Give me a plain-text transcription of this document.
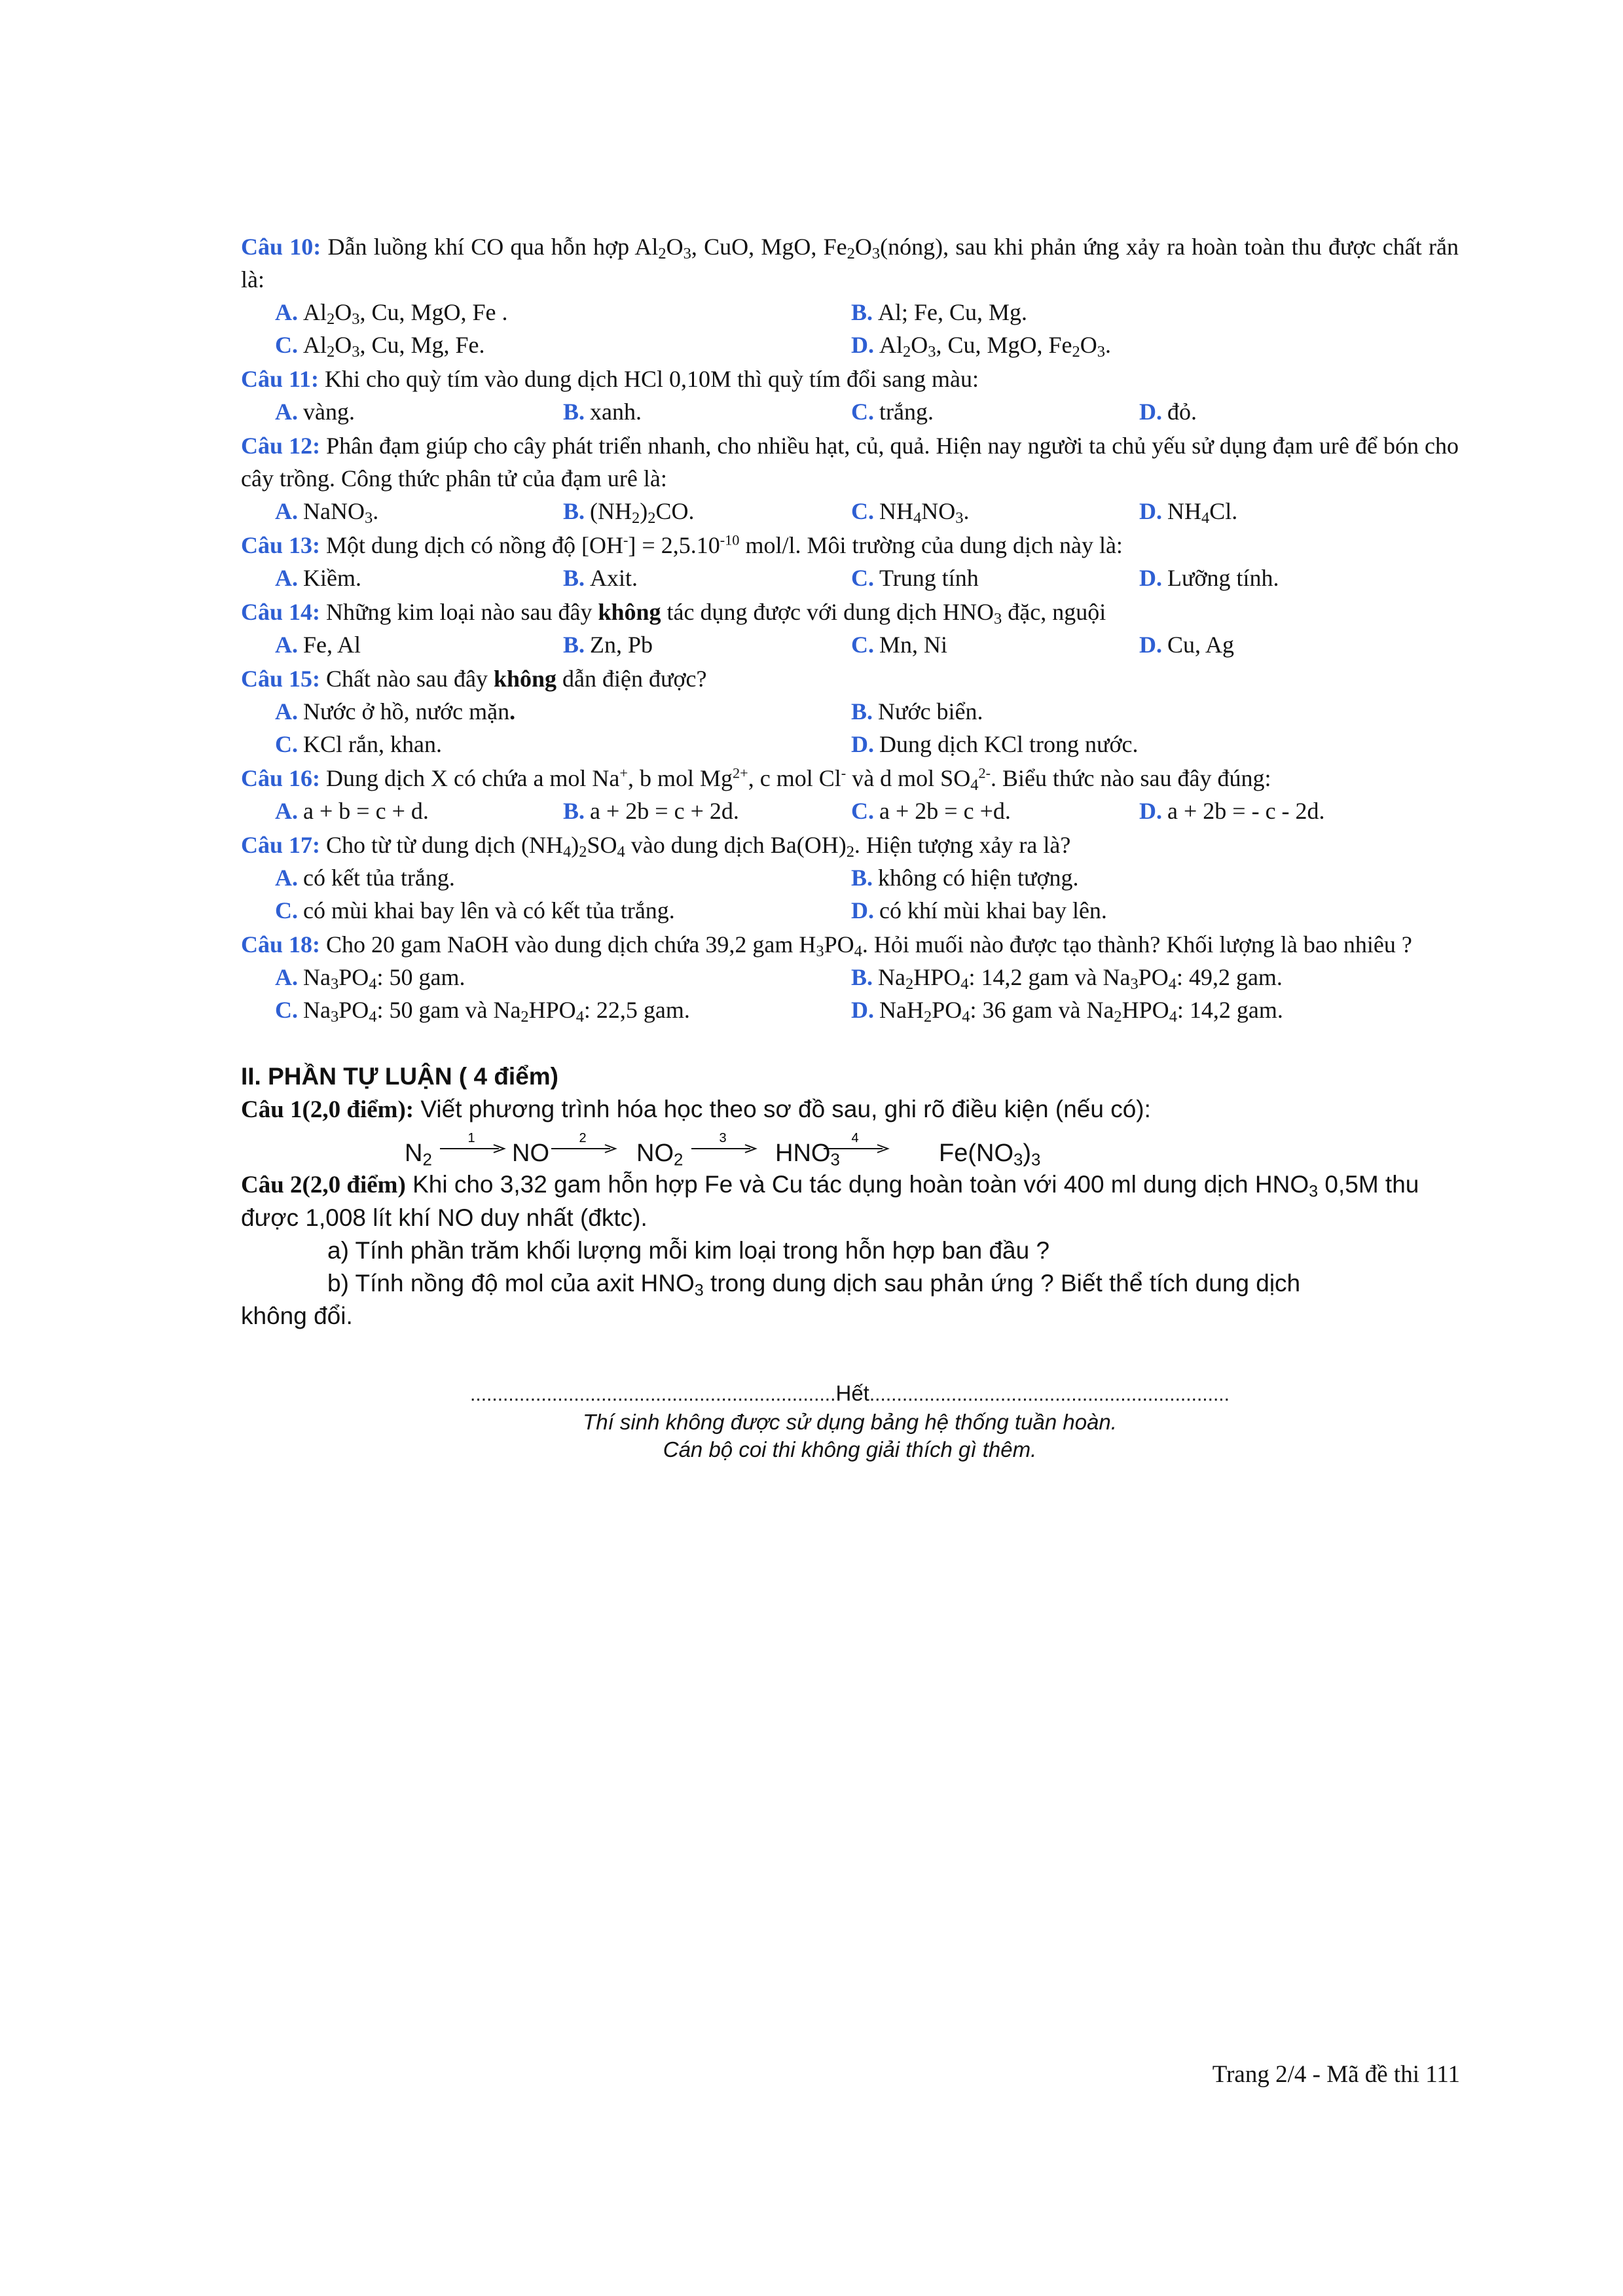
Câu 10: Dẫn luồng khí CO qua hỗn hợp $Al_2O_3$, CuO, MgO, $Fe_2O_3(nóng)$, sau khi phản ứng xảy ra hoàn toàn thu được chất rắn là:
A. $Al_2O_3$, Cu, MgO, Fe .	B. Al; Fe, Cu, Mg.
C. $Al_2O_3$, Cu, Mg, Fe.	D. $Al_2O_3$, Cu, MgO, $Fe_2O_3$.
Câu 11: Khi cho quỳ tím vào dung dịch HCl 0,10M thì quỳ tím đổi sang màu:
A. vàng.	B. xanh.	C. trắng.	D. đỏ.
Câu 12: Phân đạm giúp cho cây phát triển nhanh, cho nhiều hạt, củ, quả. Hiện nay người ta chủ yếu sử dụng đạm urê để bón cho cây trồng. Công thức phân tử của đạm urê là:
A. NaNO$_3$.	B. $(NH_2)_2CO$.	C. $NH_4NO_3$.	D. $NH_4Cl$.
Câu 13: Một dung dịch có nồng độ $[OH^-] = 2,5.10^{-10}$ mol/l. Môi trường của dung dịch này là:
A. Kiềm.	B. Axit.	C. Trung tính	D. Lưỡng tính.
Câu 14: Những kim loại nào sau đây không tác dụng được với dung dịch $HNO_3$ đặc, nguội
A. Fe, Al	B. Zn, Pb	C. Mn, Ni	D. Cu, Ag
Câu 15: Chất nào sau đây không dẫn điện được?
A. Nước ở hồ, nước mặn.	B. Nước biển.
C. KCl rắn, khan.	D. Dung dịch KCl trong nước.
Câu 16: Dung dịch X có chứa a mol Na+, b mol $Mg^{2+}$, c mol Cl- và d mol $SO_4^{2-}$. Biểu thức nào sau đây đúng:
A. a + b = c + d.	B. a + 2b = c + 2d.	C. a + 2b = c +d.	D. a + 2b = - c - 2d.
Câu 17: Cho từ từ dung dịch $(NH_4)_2SO_4$ vào dung dịch $Ba(OH)_2$. Hiện tượng xảy ra là?
A. có kết tủa trắng.	B. không có hiện tượng.
C. có mùi khai bay lên và có kết tủa trắng.	D. có khí mùi khai bay lên.
Câu 18: Cho 20 gam NaOH vào dung dịch chứa 39,2 gam $H_3PO_4$. Hỏi muối nào được tạo thành? Khối lượng là bao nhiêu ?
A. $Na_3PO_4$: 50 gam.	B. $Na_2HPO_4$: 14,2 gam và $Na_3PO_4$: 49,2 gam.
C. $Na_3PO_4$: 50 gam và $Na_2HPO_4$: 22,5 gam.	D. $NaH_2PO_4$: 36 gam và $Na_2HPO_4$: 14,2 gam.
II. PHẦN TỰ LUẬN ( 4 điểm)
Câu 1(2,0 điểm): Viết phương trình hóa học theo sơ đồ sau, ghi rõ điều kiện (nếu có):
$N_2$
1
NO
2
$NO_2$
3
$HNO_3$
4
$Fe(NO_3)_3$
Câu 2(2,0 điểm) Khi cho 3,32 gam hỗn hợp Fe và Cu tác dụng hoàn toàn với 400 ml dung dịch $HNO_3$ 0,5M thu được 1,008 lít khí NO duy nhất (đktc).
a) Tính phần trăm khối lượng mỗi kim loại trong hỗn hợp ban đầu ?
b) Tính nồng độ mol của axit $HNO_3$ trong dung dịch sau phản ứng ? Biết thể tích dung dịch
không đổi.
...................................................................Hết..................................................................
Thí sinh không được sử dụng bảng hệ thống tuần hoàn.
Cán bộ coi thi không giải thích gì thêm.
Trang 2/4 - Mã đề thi 111
